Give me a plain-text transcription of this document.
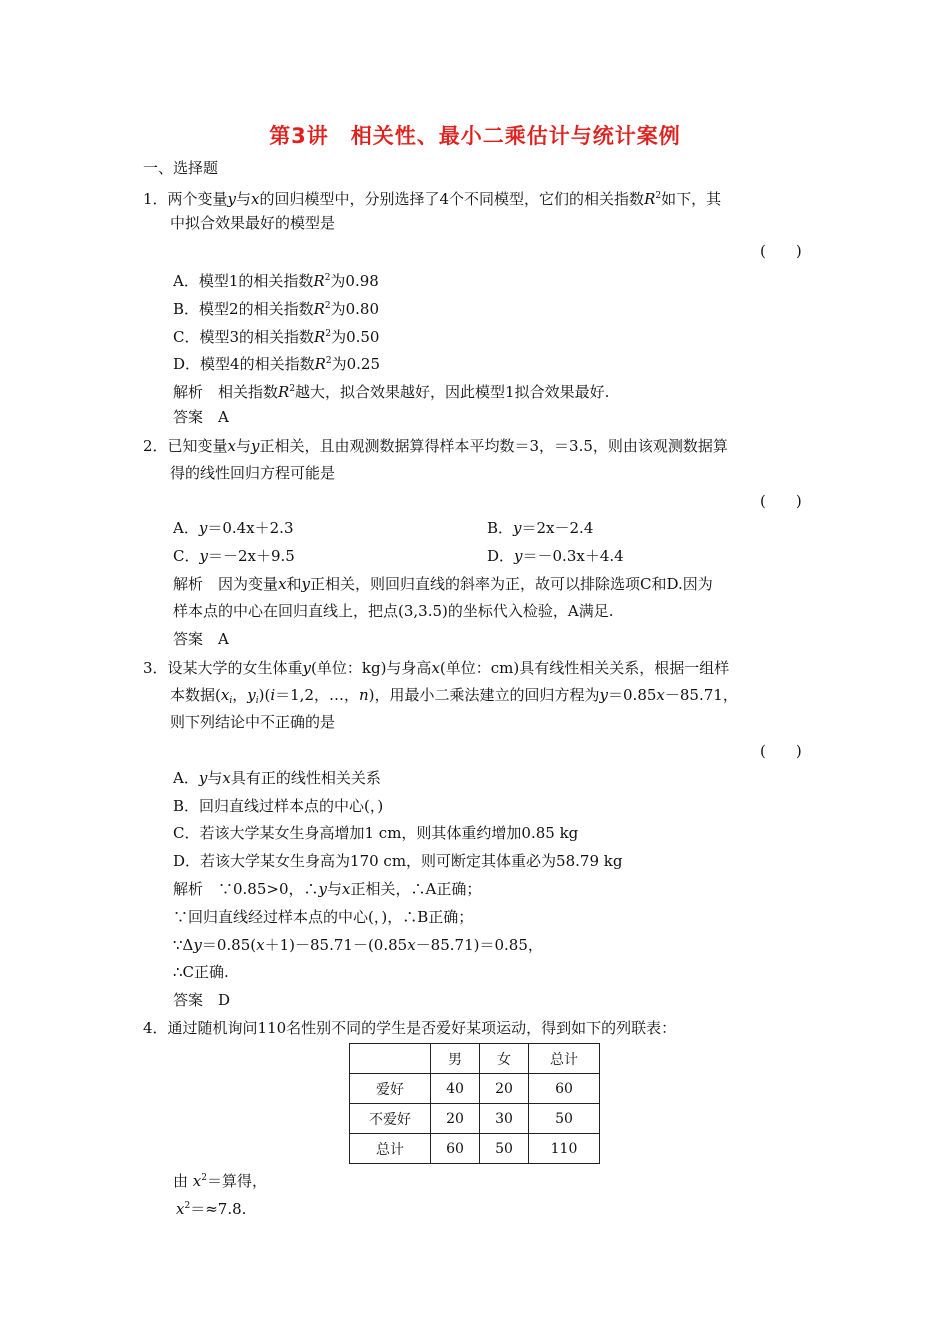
第3讲　相关性、最小二乘估计与统计案例
一、选择题
1．两个变量y与x的回归模型中，分别选择了4个不同模型，它们的相关指数$R^2$如下，其
中拟合效果最好的模型是
(　　)
A．模型1的相关指数$R^2$为0.98
B．模型2的相关指数$R^2$为0.80
C．模型3的相关指数$R^2$为0.50
D．模型4的相关指数$R^2$为0.25
解析　相关指数$R^2$越大，拟合效果越好，因此模型1拟合效果最好.
答案　A
2．已知变量x与y正相关，且由观测数据算得样本平均数＝3，＝3.5，则由该观测数据算
得的线性回归方程可能是
(　　)
A．y＝0.4x＋2.3	B．y＝2x－2.4
C．y＝－2x＋9.5	D．y＝－0.3x＋4.4
解析　因为变量x和y正相关，则回归直线的斜率为正，故可以排除选项C和D.因为
样本点的中心在回归直线上，把点(3,3.5)的坐标代入检验，A满足.
答案　A
3．设某大学的女生体重y(单位：kg)与身高x(单位：cm)具有线性相关关系，根据一组样
本数据($x_i$，$y_i)(i=1,2$，…，n)，用最小二乘法建立的回归方程为y＝0.85x－85.71，
则下列结论中不正确的是
(　　)
A．y与x具有正的线性相关关系
B．回归直线过样本点的中心(，)
C．若该大学某女生身高增加1 cm，则其体重约增加0.85 kg
D．若该大学某女生身高为170 cm，则可断定其体重必为58.79 kg
解析　∵0.85>0，∴y与x正相关，∴A正确；
∵回归直线经过样本点的中心(，)，∴B正确；
∵Δy＝0.85(x＋1)－85.71－(0.85x－85.71)＝0.85，
∴C正确.
答案　D
4．通过随机询问110名性别不同的学生是否爱好某项运动，得到如下的列联表：
	男	女	总计
爱好	40	20	60
不爱好	20	30	50
总计	60	50	110
由 $x^2=$算得，
$x^2=\approx 7.8$.
